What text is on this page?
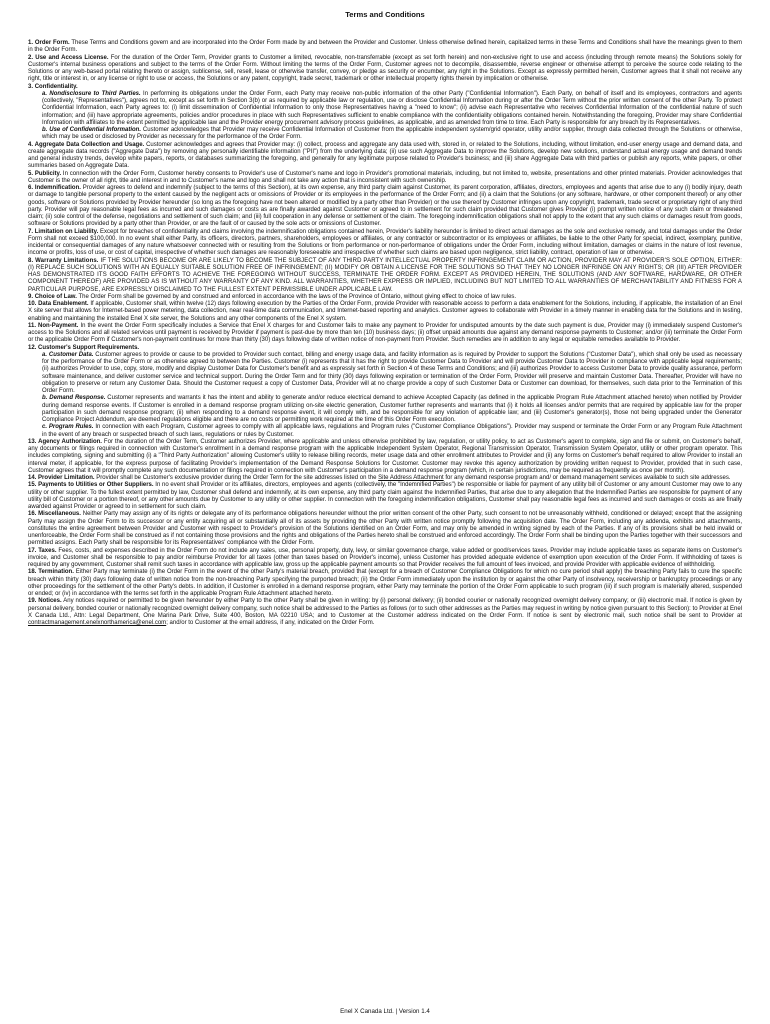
Terms and Conditions

1. Order Form. These Terms and Conditions govern and are incorporated into the Order Form made by and between the Provider and Customer. Unless otherwise defined herein, capitalized terms in these Terms and Conditions shall have the meanings given to them in the Order Form.

2. Use and Access License. For the duration of the Order Term, Provider grants to Customer a limited, revocable, non-transferrable (except as set forth herein) and non-exclusive right to use and access (including through remote means) the Solutions solely for Customer's internal business operations and subject to the terms of the Order Form. Without limiting the terms of the Order Form, Customer agrees not to decompile, disassemble, reverse engineer or otherwise attempt to perceive the source code relating to the Solutions or any web-based portal relating thereto or assign, sublicense, sell, resell, lease or otherwise transfer, convey, or pledge as security or encumber, any right in the Solutions. Except as expressly permitted herein, Customer agrees that it shall not receive any right, title or interest in, or any license or right to use or access, the Solutions or any patent, copyright, trade secret, trademark or other intellectual property rights therein by implication or otherwise.

3. Confidentiality.

a. Nondisclosure to Third Parties. In performing its obligations under the Order Form, each Party may receive non-public information of the other Party ("Confidential Information"). Each Party, on behalf of itself and its employees, contractors and agents (collectively, "Representatives"), agrees not to, except as set forth in Section 3(b) or as required by applicable law or regulation, use or disclose Confidential Information during or after the Order Term without the prior written consent of the other Party. To protect Confidential Information, each Party agrees to: (i) limit dissemination of Confidential Information to only those Representatives having a "need to know"; (ii) advise each Representative who receives Confidential Information of the confidential nature of such information; and (iii) have appropriate agreements, policies and/or procedures in place with such Representatives sufficient to enable compliance with the confidentiality obligations contained herein. Notwithstanding the foregoing, Provider may share Confidential Information with affiliates to the extent permitted by applicable law and the Provider energy procurement advisory process guidelines, as applicable, and as amended from time to time. Each Party is responsible for any breach by its Representatives.

b. Use of Confidential Information. Customer acknowledges that Provider may receive Confidential Information of Customer from the applicable independent system/grid operator, utility and/or supplier, through data collected through the Solutions or otherwise, which may be used or disclosed by Provider as necessary for the performance of the Order Form.

4. Aggregate Data Collection and Usage. Customer acknowledges and agrees that Provider may: (i) collect, process and aggregate any data used with, stored in, or related to the Solutions, including, without limitation, end-user energy usage and demand data, and create aggregate data records ("Aggregate Data") by removing any personally identifiable information ("PII") from the underlying data; (ii) use such Aggregate Data to improve the Solutions, develop new solutions, understand actual energy usage and demand trends and general industry trends, develop white papers, reports, or databases summarizing the foregoing, and generally for any legitimate purpose related to Provider's business; and (iii) share Aggregate Data with third parties or publish any reports, white papers, or other summaries based on Aggregate Data.

5. Publicity. In connection with the Order Form, Customer hereby consents to Provider's use of Customer's name and logo in Provider's promotional materials, including, but not limited to, website, presentations and other printed materials. Provider acknowledges that Customer is the owner of all right, title and interest in and to Customer's name and logo and shall not take any action that is inconsistent with such ownership.

6. Indemnification. Provider agrees to defend and indemnify (subject to the terms of this Section), at its own expense, any third party claim against Customer, its parent corporation, affiliates, directors, employees and agents that arise due to any (i) bodily injury, death or damage to tangible personal property to the extent caused by the negligent acts or omissions of Provider or its employees in the performance of the Order Form; and (ii) a claim that the Solutions (or any software, hardware, or other component thereof) or any other goods, software or Solutions provided by Provider hereunder (so long as the foregoing have not been altered or modified by a party other than Provider) or the use thereof by Customer infringes upon any copyright, trademark, trade secret or proprietary right of any third party. Provider will pay reasonable legal fees as incurred and such damages or costs as are finally awarded against Customer or agreed to in settlement for such claim provided that Customer gives Provider (i) prompt written notice of any such claim or threatened claim; (ii) sole control of the defense, negotiations and settlement of such claim; and (iii) full cooperation in any defense or settlement of the claim. The foregoing indemnification obligations shall not apply to the extent that any such claims or damages result from goods, software or Solutions provided by a party other than Provider, or are the fault of or caused by the sole acts or omissions of Customer.

7. Limitation on Liability. Except for breaches of confidentiality and claims involving the indemnification obligations contained herein, Provider's liability hereunder is limited to direct actual damages as the sole and exclusive remedy, and total damages under the Order Form shall not exceed $100,000. In no event shall either Party, its officers, directors, partners, shareholders, employees or affiliates, or any contractor or subcontractor or its employees or affiliates, be liable to the other Party for special, indirect, exemplary, punitive, incidental or consequential damages of any nature whatsoever connected with or resulting from the Solutions or from performance or non-performance of obligations under the Order Form, including without limitation, damages or claims in the nature of lost revenue, income or profits, loss of use, or cost of capital, irrespective of whether such damages are reasonably foreseeable and irrespective of whether such claims are based upon negligence, strict liability, contract, operation of law or otherwise.

8. Warranty Limitations. IF THE SOLUTIONS BECOME OR ARE LIKELY TO BECOME THE SUBJECT OF ANY THIRD PARTY INTELLECTUAL PROPERTY INFRINGEMENT CLAIM OR ACTION, PROVIDER MAY AT PROVIDER'S SOLE OPTION, EITHER: (I) REPLACE SUCH SOLUTIONS WITH AN EQUALLY SUITABLE SOLUTION FREE OF INFRINGEMENT; (II) MODIFY OR OBTAIN A LICENSE FOR THE SOLUTIONS SO THAT THEY NO LONGER INFRINGE ON ANY RIGHTS; OR (III) AFTER PROVIDER HAS DEMONSTRATED ITS GOOD FAITH EFFORTS TO ACHIEVE THE FOREGOING WITHOUT SUCCESS, TERMINATE THE ORDER FORM. EXCEPT AS PROVIDED HEREIN, THE SOLUTIONS (AND ANY SOFTWARE, HARDWARE, OR OTHER COMPONENT THEREOF) ARE PROVIDED AS IS WITHOUT ANY WARRANTY OF ANY KIND. ALL WARRANTIES, WHETHER EXPRESS OR IMPLIED, INCLUDING BUT NOT LIMITED TO ALL WARRANTIES OF MERCHANTABILITY AND FITNESS FOR A PARTICULAR PURPOSE, ARE EXPRESSLY DISCLAIMED TO THE FULLEST EXTENT PERMISSIBLE UNDER APPLICABLE LAW.

9. Choice of Law. The Order Form shall be governed by and construed and enforced in accordance with the laws of the Province of Ontario, without giving effect to choice of law rules.

10. Data Enablement. If applicable, Customer shall, within twelve (12) days following execution by the Parties of the Order Form, provide Provider with reasonable access to perform a data enablement for the Solutions, including, if applicable, the installation of an Enel X site server that allows for Internet-based power metering, data collection, near real-time data communication, and Internet-based reporting and analytics. Customer agrees to collaborate with Provider in a timely manner in enabling data for the Solutions and in testing, enabling and maintaining the installed Enel X site server, the Solutions and any other components of the Enel X system.

11. Non-Payment. In the event the Order Form specifically includes a Service that Enel X charges for and Customer fails to make any payment to Provider for undisputed amounts by the date such payment is due, Provider may (i) immediately suspend Customer's access to the Solutions and all related services until payment is received by Provider if payment is past-due by more than ten (10) business days; (ii) offset unpaid amounts due against any demand response payments to Customer; and/or (iii) terminate the Order Form or the applicable Order Form if Customer's non-payment continues for more than thirty (30) days following date of written notice of non-payment from Provider. Such remedies are in addition to any legal or equitable remedies available to Provider.

12. Customer's Support Requirements.

a. Customer Data. Customer agrees to provide or cause to be provided to Provider such contact, billing and energy usage data, and facility information as is required by Provider to support the Solutions ("Customer Data"), which shall only be used as necessary for the performance of the Order Form or as otherwise agreed to between the Parties. Customer (i) represents that it has the right to provide Customer Data to Provider and will provide Customer Data to Provider in compliance with applicable legal requirements; (ii) authorizes Provider to use, copy, store, modify and display Customer Data for Customer's benefit and as expressly set forth in Section 4 of these Terms and Conditions; and (iii) authorizes Provider to access Customer Data to provide quality assurance, perform software maintenance, and deliver customer service and technical support. During the Order Term and for thirty (30) days following expiration or termination of the Order Form, Provider will preserve and maintain Customer Data. Thereafter, Provider will have no obligation to preserve or return any Customer Data. Should the Customer request a copy of Customer Data, Provider will at no charge provide a copy of such Customer Data or Customer can download, for themselves, such data prior to the Termination of this Order Form.

b. Demand Response. Customer represents and warrants it has the intent and ability to generate and/or reduce electrical demand to achieve Accepted Capacity (as defined in the applicable Program Rule Attachment attached hereto) when notified by Provider during demand response events. If Customer is enrolled in a demand response program utilizing on-site electric generation, Customer further represents and warrants that (i) it holds all licenses and/or permits that are required by applicable law for the proper participation in such demand response program; (ii) when responding to a demand response event, it will comply with, and be responsible for any violation of applicable law; and (iii) Customer's generator(s), those not being upgraded under the Generator Compliance Project Addendum, are deemed regulations eligible and there are no costs or permitting work required at the time of this Order Form execution.

c. Program Rules. In connection with each Program, Customer agrees to comply with all applicable laws, regulations and Program rules ("Customer Compliance Obligations"). Provider may suspend or terminate the Order Form or any Program Rule Attachment in the event of any breach or suspected breach of such laws, regulations or rules by Customer.

13. Agency Authorization. For the duration of the Order Term, Customer authorizes Provider, where applicable and unless otherwise prohibited by law, regulation, or utility policy, to act as Customer's agent to complete, sign and file or submit, on Customer's behalf, any documents or filings required in connection with Customer's enrollment in a demand response program with the applicable Independent System Operator, Regional Transmission Operator, Transmission System Operator, utility or other program operator. This includes completing, signing and submitting (i) a "Third Party Authorization" allowing Customer's utility to release billing records, meter usage data and other enrollment attributes to Provider and (ii) any forms on Customer's behalf required to allow Provider to install an interval meter, if applicable, for the express purpose of facilitating Provider's implementation of the Demand Response Solutions for Customer. Customer may revoke this agency authorization by providing written request to Provider, provided that in such case, Customer agrees that it will promptly complete any such documentation or filings required in connection with Customer's participation in a demand response program (which, in certain jurisdictions, may be required as frequently as once per month).

14. Provider Limitation. Provider shall be Customer's exclusive provider during the Order Term for the site addresses listed on the Site Address Attachment for any demand response program and/ or demand management services available to such site addresses.

15. Payments to Utilities or Other Suppliers. In no event shall Provider or its affiliates, directors, employees and agents (collectively, the "Indemnified Parties") be responsible or liable for payment of any utility bill of Customer or any amount Customer may owe to any utility or other supplier. To the fullest extent permitted by law, Customer shall defend and indemnify, at its own expense, any third party claim against the Indemnified Parties, that arise due to any allegation that the Indemnified Parties are responsible for payment of any utility bill of Customer or a portion thereof, or any other amounts due by Customer to any utility or other supplier. In connection with the foregoing indemnification obligations, Customer shall pay reasonable legal fees as incurred and such damages or costs as are finally awarded against Provider or agreed to in settlement for such claim.

16. Miscellaneous. Neither Party may assign any of its rights or delegate any of its performance obligations hereunder without the prior written consent of the other Party, such consent to not be unreasonably withheld, conditioned or delayed; except that the assigning Party may assign the Order Form to its successor or any entity acquiring all or substantially all of its assets by providing the other Party with written notice promptly following the acquisition date. The Order Form, including any addenda, exhibits and attachments, constitutes the entire agreement between Provider and Customer with respect to Provider's provision of the Solutions identified on an Order Form, and may only be amended in writing signed by each of the Parties. If any of its provisions shall be held invalid or unenforceable, the Order Form shall be construed as if not containing those provisions and the rights and obligations of the Parties hereto shall be construed and enforced accordingly. The Order Form shall be binding upon the Parties together with their successors and permitted assigns. Each Party shall be responsible for its Representatives' compliance with the Order Form.

17. Taxes. Fees, costs, and expenses described in the Order Form do not include any sales, use, personal property, duty, levy, or similar governance charge, value added or good/services taxes. Provider may include applicable taxes as separate items on Customer's invoice, and Customer shall be responsible to pay and/or reimburse Provider for all taxes (other than taxes based on Provider's income), unless Customer has provided adequate evidence of exemption upon execution of the Order Form. If withholding of taxes is required by any government, Customer shall remit such taxes in accordance with applicable law, gross up the applicable payment amounts so that Provider receives the full amount of fees invoiced, and provide Provider with applicable evidence of withholding.

18. Termination. Either Party may terminate (i) the Order Form in the event of the other Party's material breach, provided that (except for a breach of Customer Compliance Obligations for which no cure period shall apply) the breaching Party fails to cure the specific breach within thirty (30) days following date of written notice from the non-breaching Party specifying the purported breach; (ii) the Order Form immediately upon the institution by or against the other Party of insolvency, receivership or bankruptcy proceedings or any other proceedings for the settlement of the other Party's debts. In addition, if Customer is enrolled in a demand response program, either Party may terminate the portion of the Order Form applicable to such program (iii) if such program is materially altered, suspended or ended; or (iv) in accordance with the terms set forth in the applicable Program Rule Attachment attached hereto.

19. Notices. Any notices required or permitted to be given hereunder by either Party to the other Party shall be given in writing: by (i) personal delivery; (ii) bonded courier or nationally recognized overnight delivery company; or (iii) electronic mail. If notice is given by personal delivery, bonded courier or nationally recognized overnight delivery company, such notice shall be addressed to the Parties as follows (or to such other addresses as the Parties may request in writing by notice given pursuant to this Section): to Provider at Enel X Canada Ltd., Attn: Legal Department, One Marina Park Drive, Suite 400, Boston, MA 02210 USA; and to Customer at the Customer address indicated on the Order Form. If notice is sent by electronic mail, such notice shall be sent to Provider at contractmanagement.enelxnorthamerica@enel.com; and/or to Customer at the email address, if any, indicated on the Order Form.

Enel X Canada Ltd. | Version 1.4
